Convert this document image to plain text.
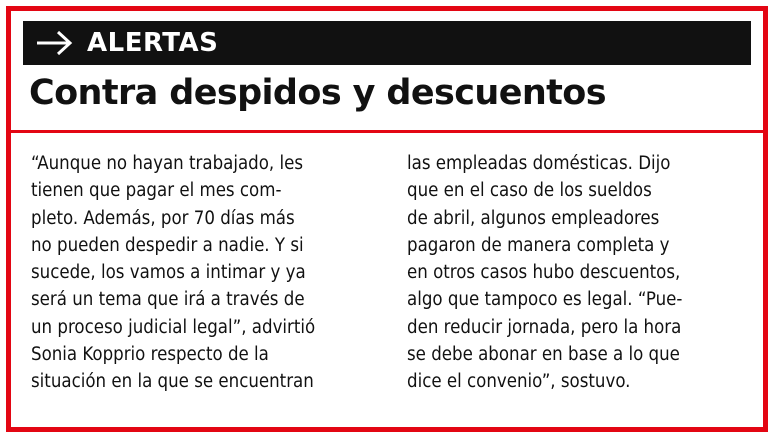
ALERTAS
Contra despidos y descuentos
“Aunque no hayan trabajado, les
tienen que pagar el mes com-
pleto. Además, por 70 días más
no pueden despedir a nadie. Y si
sucede, los vamos a intimar y ya
será un tema que irá a través de
un proceso judicial legal”, advirtió
Sonia Kopprio respecto de la
situación en la que se encuentran
las empleadas domésticas. Dijo
que en el caso de los sueldos
de abril, algunos empleadores
pagaron de manera completa y
en otros casos hubo descuentos,
algo que tampoco es legal. “Pue-
den reducir jornada, pero la hora
se debe abonar en base a lo que
dice el convenio”, sostuvo.
